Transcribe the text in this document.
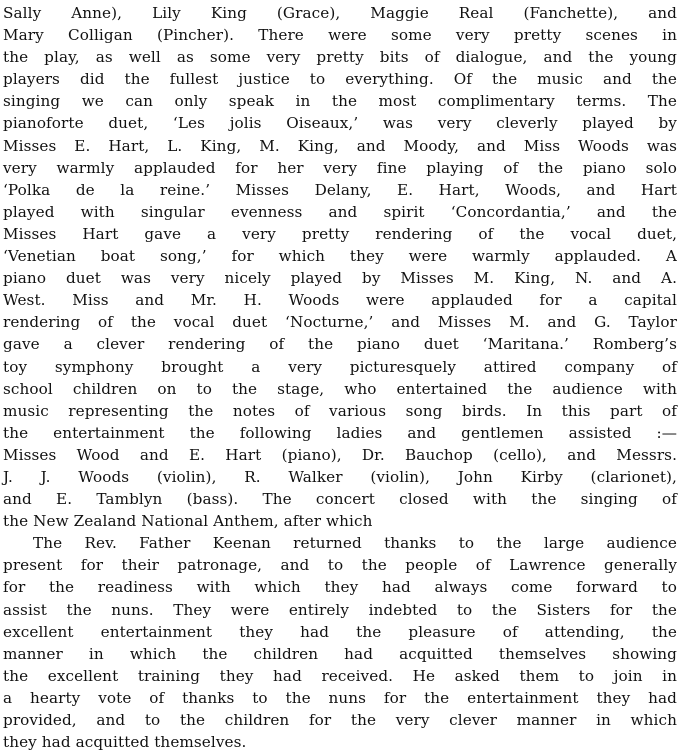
Sally Anne), Lily King (Grace), Maggie Real (Fanchette), and
Mary Colligan (Pincher). There were some very pretty scenes in
the play, as well as some very pretty bits of dialogue, and the young
players did the fullest justice to everything. Of the music and the
singing we can only speak in the most complimentary terms. The
pianoforte duet, ‘Les jolis Oiseaux,’ was very cleverly played by
Misses E. Hart, L. King, M. King, and Moody, and Miss Woods was
very warmly applauded for her very fine playing of the piano solo
‘Polka de la reine.’ Misses Delany, E. Hart, Woods, and Hart
played with singular evenness and spirit ‘Concordantia,’ and the
Misses Hart gave a very pretty rendering of the vocal duet,
‘Venetian boat song,’ for which they were warmly applauded. A
piano duet was very nicely played by Misses M. King, N. and A.
West. Miss and Mr. H. Woods were applauded for a capital
rendering of the vocal duet ‘Nocturne,’ and Misses M. and G. Taylor
gave a clever rendering of the piano duet ‘Maritana.’ Romberg’s
toy symphony brought a very picturesquely attired company of
school children on to the stage, who entertained the audience with
music representing the notes of various song birds. In this part of
the entertainment the following ladies and gentlemen assisted :—
Misses Wood and E. Hart (piano), Dr. Bauchop (cello), and Messrs.
J. J. Woods (violin), R. Walker (violin), John Kirby (clarionet),
and E. Tamblyn (bass). The concert closed with the singing of
the New Zealand National Anthem, after which
The Rev. Father Keenan returned thanks to the large audience
present for their patronage, and to the people of Lawrence generally
for the readiness with which they had always come forward to
assist the nuns. They were entirely indebted to the Sisters for the
excellent entertainment they had the pleasure of attending, the
manner in which the children had acquitted themselves showing
the excellent training they had received. He asked them to join in
a hearty vote of thanks to the nuns for the entertainment they had
provided, and to the children for the very clever manner in which
they had acquitted themselves.
